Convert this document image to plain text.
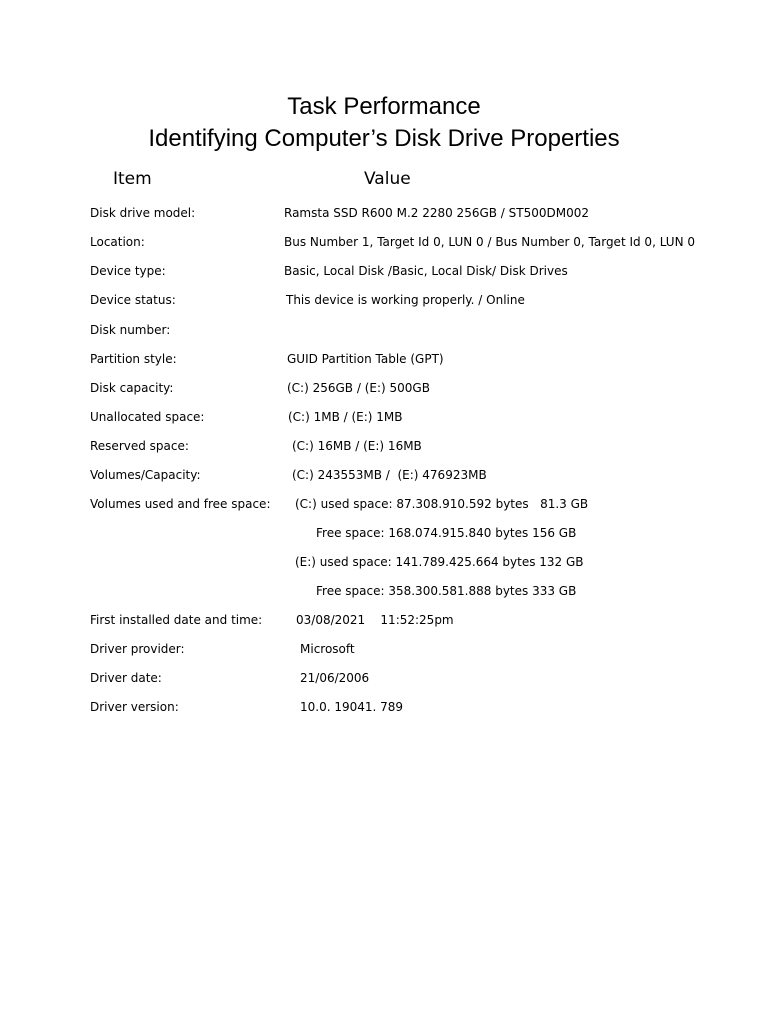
Task Performance
Identifying Computer’s Disk Drive Properties
Item	Value
Disk drive model:	Ramsta SSD R600 M.2 2280 256GB / ST500DM002
Location:	Bus Number 1, Target Id 0, LUN 0 / Bus Number 0, Target Id 0, LUN 0
Device type:	Basic, Local Disk /Basic, Local Disk/ Disk Drives
Device status:	This device is working properly. / Online
Disk number:
Partition style:	GUID Partition Table (GPT)
Disk capacity:	(C:) 256GB / (E:) 500GB
Unallocated space:	(C:) 1MB / (E:) 1MB
Reserved space:	(C:) 16MB / (E:) 16MB
Volumes/Capacity:	(C:) 243553MB /  (E:) 476923MB
Volumes used and free space: (C:) used space: 87.308.910.592 bytes   81.3 GB
Free space: 168.074.915.840 bytes 156 GB
(E:) used space: 141.789.425.664 bytes 132 GB
Free space: 358.300.581.888 bytes 333 GB
First installed date and time:	03/08/2021    11:52:25pm
Driver provider:	Microsoft
Driver date:	21/06/2006
Driver version:	10.0. 19041. 789
